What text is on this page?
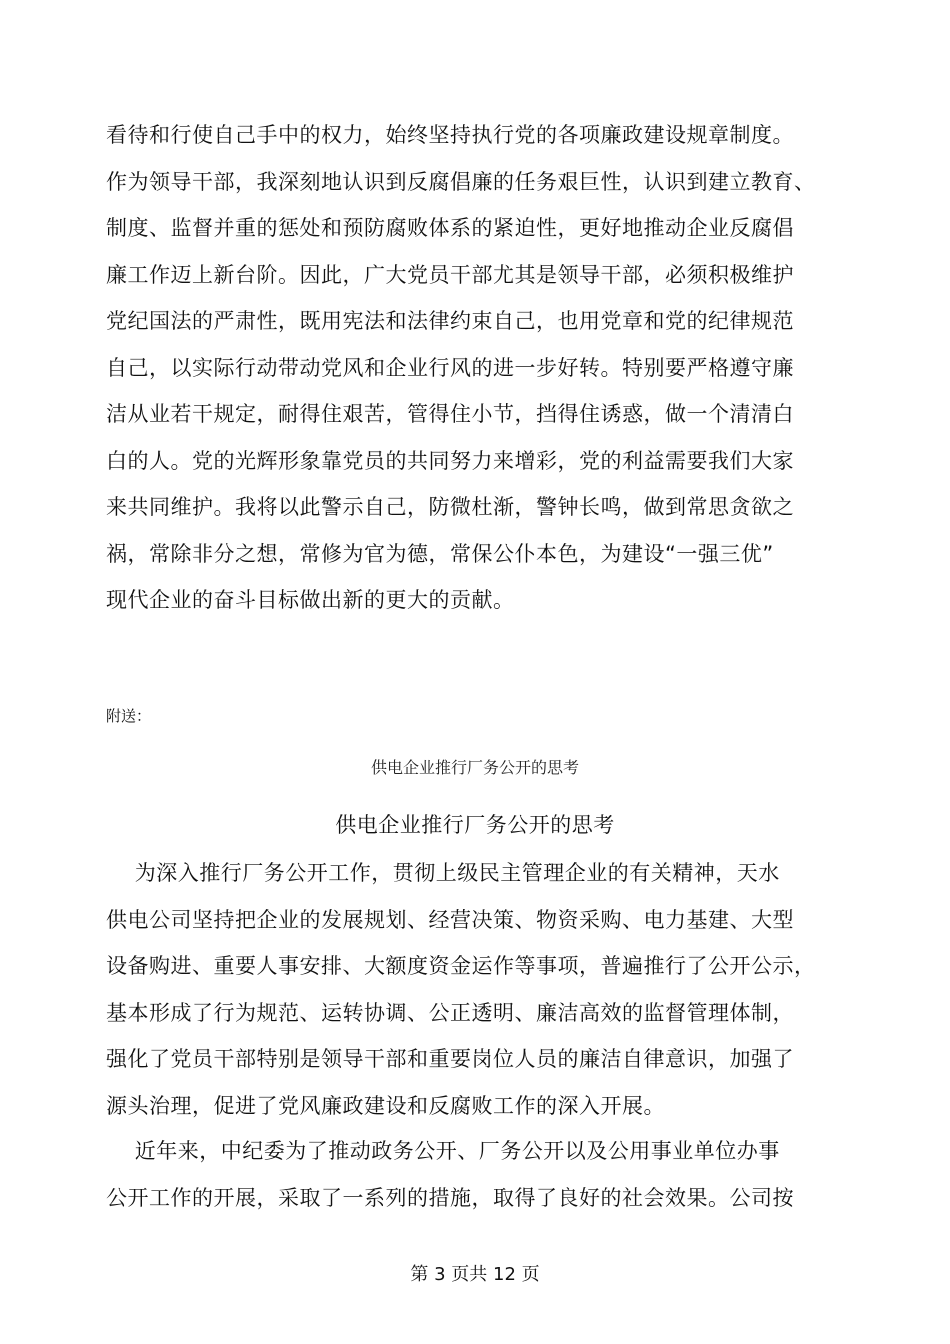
看待和行使自己手中的权力，始终坚持执行党的各项廉政建设规章制度。
作为领导干部，我深刻地认识到反腐倡廉的任务艰巨性，认识到建立教育、
制度、监督并重的惩处和预防腐败体系的紧迫性，更好地推动企业反腐倡
廉工作迈上新台阶。因此，广大党员干部尤其是领导干部，必须积极维护
党纪国法的严肃性，既用宪法和法律约束自己，也用党章和党的纪律规范
自己，以实际行动带动党风和企业行风的进一步好转。特别要严格遵守廉
洁从业若干规定，耐得住艰苦，管得住小节，挡得住诱惑，做一个清清白
白的人。党的光辉形象靠党员的共同努力来增彩，党的利益需要我们大家
来共同维护。我将以此警示自己，防微杜渐，警钟长鸣，做到常思贪欲之
祸，常除非分之想，常修为官为德，常保公仆本色，为建设“一强三优”
现代企业的奋斗目标做出新的更大的贡献。
附送：
供电企业推行厂务公开的思考
供电企业推行厂务公开的思考
为深入推行厂务公开工作，贯彻上级民主管理企业的有关精神，天水
供电公司坚持把企业的发展规划、经营决策、物资采购、电力基建、大型
设备购进、重要人事安排、大额度资金运作等事项，普遍推行了公开公示，
基本形成了行为规范、运转协调、公正透明、廉洁高效的监督管理体制，
强化了党员干部特别是领导干部和重要岗位人员的廉洁自律意识，加强了
源头治理，促进了党风廉政建设和反腐败工作的深入开展。
近年来，中纪委为了推动政务公开、厂务公开以及公用事业单位办事
公开工作的开展，采取了一系列的措施，取得了良好的社会效果。公司按
第 3 页共 12 页
